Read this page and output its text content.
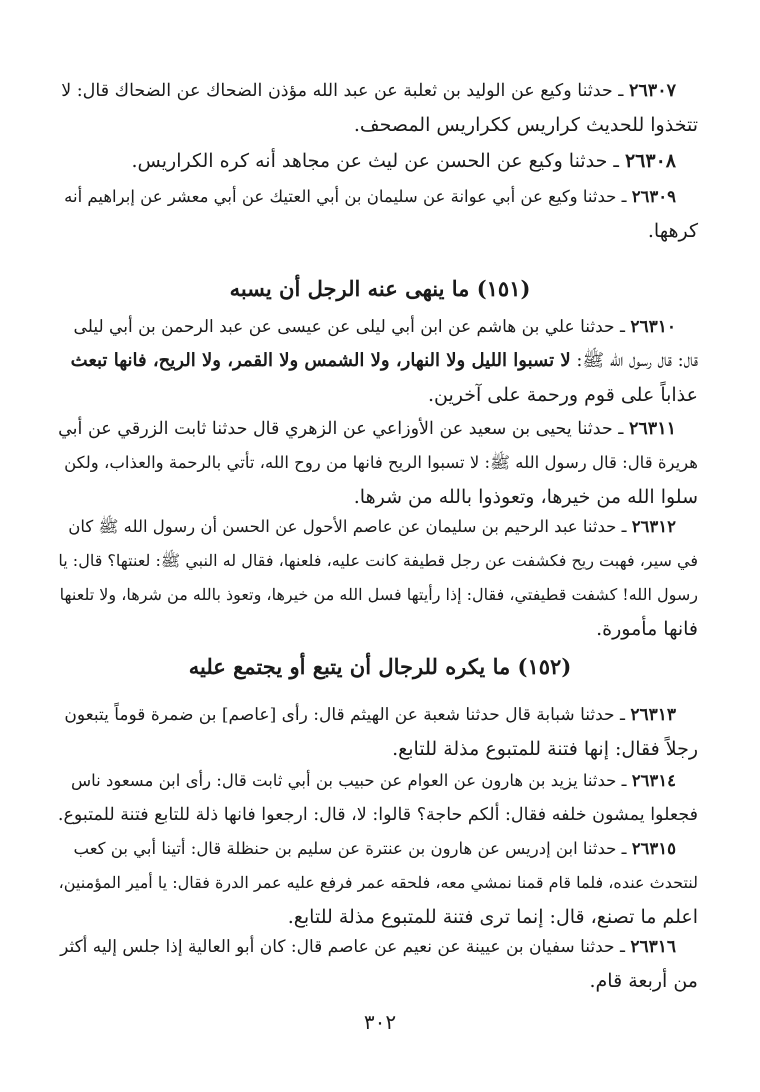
٢٦٣٠٧ ـ حدثنا وكيع عن الوليد بن ثعلبة عن عبد الله مؤذن الضحاك عن الضحاك قال: لا
تتخذوا للحديث كراريس ككراريس المصحف.
٢٦٣٠٨ ـ حدثنا وكيع عن الحسن عن ليث عن مجاهد أنه كره الكراريس.
٢٦٣٠٩ ـ حدثنا وكيع عن أبي عوانة عن سليمان بن أبي العتيك عن أبي معشر عن إبراهيم أنه
كرهها.
(١٥١) ما ينهى عنه الرجل أن يسبه
٢٦٣١٠ ـ حدثنا علي بن هاشم عن ابن أبي ليلى عن عيسى عن عبد الرحمن بن أبي ليلى
قال: قال رسول الله ﷺ: لا تسبوا الليل ولا النهار، ولا الشمس ولا القمر، ولا الريح، فانها تبعث
عذاباً على قوم ورحمة على آخرين.
٢٦٣١١ ـ حدثنا يحيى بن سعيد عن الأوزاعي عن الزهري قال حدثنا ثابت الزرقي عن أبي
هريرة قال: قال رسول الله ﷺ: لا تسبوا الريح فانها من روح الله، تأتي بالرحمة والعذاب، ولكن
سلوا الله من خيرها، وتعوذوا بالله من شرها.
٢٦٣١٢ ـ حدثنا عبد الرحيم بن سليمان عن عاصم الأحول عن الحسن أن رسول الله ﷺ كان
في سير، فهبت ريح فكشفت عن رجل قطيفة كانت عليه، فلعنها، فقال له النبي ﷺ: لعنتها؟ قال: يا
رسول الله! كشفت قطيفتي، فقال: إذا رأيتها فسل الله من خيرها، وتعوذ بالله من شرها، ولا تلعنها
فانها مأمورة.
(١٥٢) ما يكره للرجال أن يتبع أو يجتمع عليه
٢٦٣١٣ ـ حدثنا شبابة قال حدثنا شعبة عن الهيثم قال: رأى [عاصم] بن ضمرة قوماً يتبعون
رجلاً فقال: إنها فتنة للمتبوع مذلة للتابع.
٢٦٣١٤ ـ حدثنا يزيد بن هارون عن العوام عن حبيب بن أبي ثابت قال: رأى ابن مسعود ناس
فجعلوا يمشون خلفه فقال: ألكم حاجة؟ قالوا: لا، قال: ارجعوا فانها ذلة للتابع فتنة للمتبوع.
٢٦٣١٥ ـ حدثنا ابن إدريس عن هارون بن عنترة عن سليم بن حنظلة قال: أتينا أبي بن كعب
لنتحدث عنده، فلما قام قمنا نمشي معه، فلحقه عمر فرفع عليه عمر الدرة فقال: يا أمير المؤمنين،
اعلم ما تصنع، قال: إنما ترى فتنة للمتبوع مذلة للتابع.
٢٦٣١٦ ـ حدثنا سفيان بن عيينة عن نعيم عن عاصم قال: كان أبو العالية إذا جلس إليه أكثر
من أربعة قام.
٣٠٢
